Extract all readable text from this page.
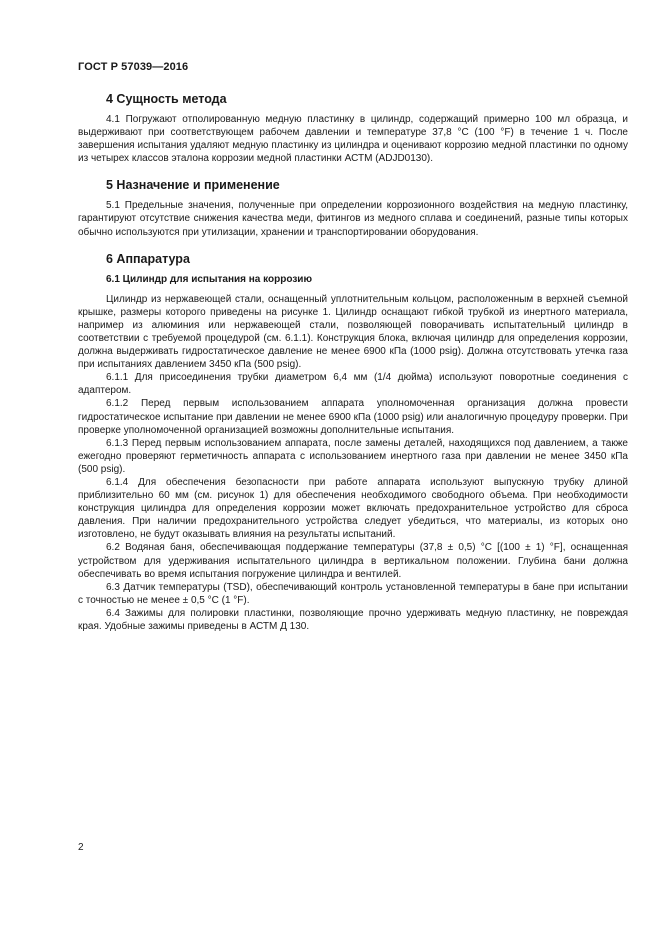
ГОСТ Р 57039—2016
4 Сущность метода

4.1 Погружают отполированную медную пластинку в цилиндр, содержащий примерно 100 мл образца, и выдерживают при соответствующем рабочем давлении и температуре 37,8 °С (100 °F) в течение 1 ч. После завершения испытания удаляют медную пластинку из цилиндра и оценивают коррозию медной пластинки по одному из четырех классов эталона коррозии медной пластинки АСТМ (ADJD0130).

5 Назначение и применение

5.1 Предельные значения, полученные при определении коррозионного воздействия на медную пластинку, гарантируют отсутствие снижения качества меди, фитингов из медного сплава и соединений, разные типы которых обычно используются при утилизации, хранении и транспортировании оборудования.

6 Аппаратура
6.1 Цилиндр для испытания на коррозию

Цилиндр из нержавеющей стали, оснащенный уплотнительным кольцом, расположенным в верхней съемной крышке, размеры которого приведены на рисунке 1. Цилиндр оснащают гибкой трубкой из инертного материала, например из алюминия или нержавеющей стали, позволяющей поворачивать испытательный цилиндр в соответствии с требуемой процедурой (см. 6.1.1). Конструкция блока, включая цилиндр для определения коррозии, должна выдерживать гидростатическое давление не менее 6900 кПа (1000 psig). Должна отсутствовать утечка газа при испытаниях давлением 3450 кПа (500 psig).

6.1.1 Для присоединения трубки диаметром 6,4 мм (1/4 дюйма) используют поворотные соединения с адаптером.

6.1.2 Перед первым использованием аппарата уполномоченная организация должна провести гидростатическое испытание при давлении не менее 6900 кПа (1000 psig) или аналогичную процедуру проверки. При проверке уполномоченной организацией возможны дополнительные испытания.

6.1.3 Перед первым использованием аппарата, после замены деталей, находящихся под давлением, а также ежегодно проверяют герметичность аппарата с использованием инертного газа при давлении не менее 3450 кПа (500 psig).

6.1.4 Для обеспечения безопасности при работе аппарата используют выпускную трубку длиной приблизительно 60 мм (см. рисунок 1) для обеспечения необходимого свободного объема. При необходимости конструкция цилиндра для определения коррозии может включать предохранительное устройство для сброса давления. При наличии предохранительного устройства следует убедиться, что материалы, из которых оно изготовлено, не будут оказывать влияния на результаты испытаний.

6.2 Водяная баня, обеспечивающая поддержание температуры (37,8 ± 0,5) °С [(100 ± 1) °F], оснащенная устройством для удерживания испытательного цилиндра в вертикальном положении. Глубина бани должна обеспечивать во время испытания погружение цилиндра и вентилей.

6.3 Датчик температуры (TSD), обеспечивающий контроль установленной температуры в бане при испытании с точностью не менее ± 0,5 °С (1 °F).

6.4 Зажимы для полировки пластинки, позволяющие прочно удерживать медную пластинку, не повреждая края. Удобные зажимы приведены в АСТМ Д 130.

2
